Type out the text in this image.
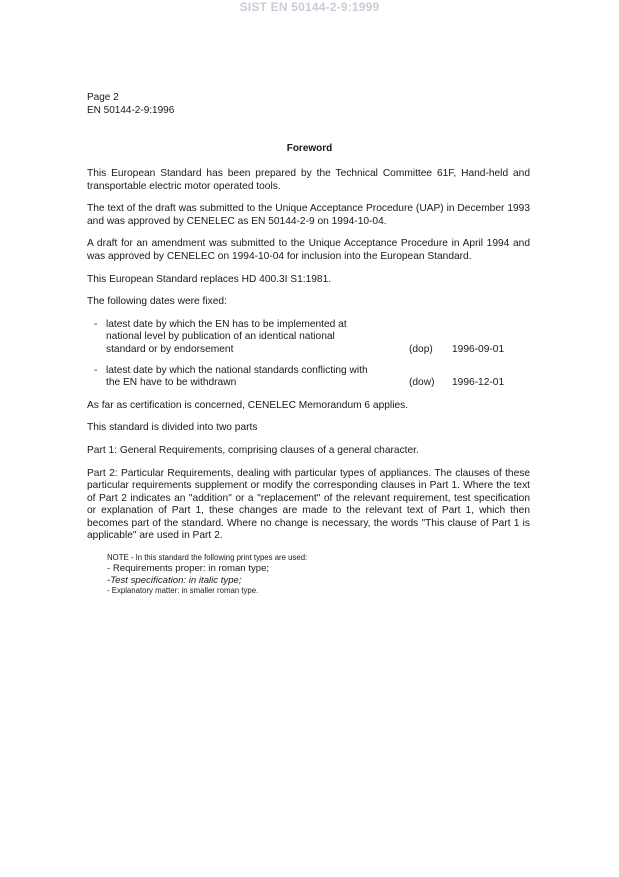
SIST EN 50144-2-9:1999
Page 2
EN 50144-2-9:1996
Foreword

This European Standard has been prepared by the Technical Committee 61F, Hand-held and transportable electric motor operated tools.

The text of the draft was submitted to the Unique Acceptance Procedure (UAP) in December 1993 and was approved by CENELEC as EN 50144-2-9 on 1994-10-04.

A draft for an amendment was submitted to the Unique Acceptance Procedure in April 1994 and was approved by CENELEC on 1994-10-04 for inclusion into the European Standard.

This European Standard replaces HD 400.3I S1:1981.

The following dates were fixed:

- latest date by which the EN has to be implemented at national level by publication of an identical national standard or by endorsement	(dop) 1996-09-01
- latest date by which the national standards conflicting with the EN have to be withdrawn	(dow) 1996-12-01

As far as certification is concerned, CENELEC Memorandum 6 applies.

This standard is divided into two parts

Part 1: General Requirements, comprising clauses of a general character.

Part 2: Particular Requirements, dealing with particular types of appliances. The clauses of these particular requirements supplement or modify the corresponding clauses in Part 1. Where the text of Part 2 indicates an "addition" or a "replacement" of the relevant requirement, test specification or explanation of Part 1, these changes are made to the relevant text of Part 1, which then becomes part of the standard. Where no change is necessary, the words "This clause of Part 1 is applicable" are used in Part 2.

NOTE - In this standard the following print types are used:
- Requirements proper: in roman type;
-Test specification: in italic type;
- Explanatory matter: in smaller roman type.
